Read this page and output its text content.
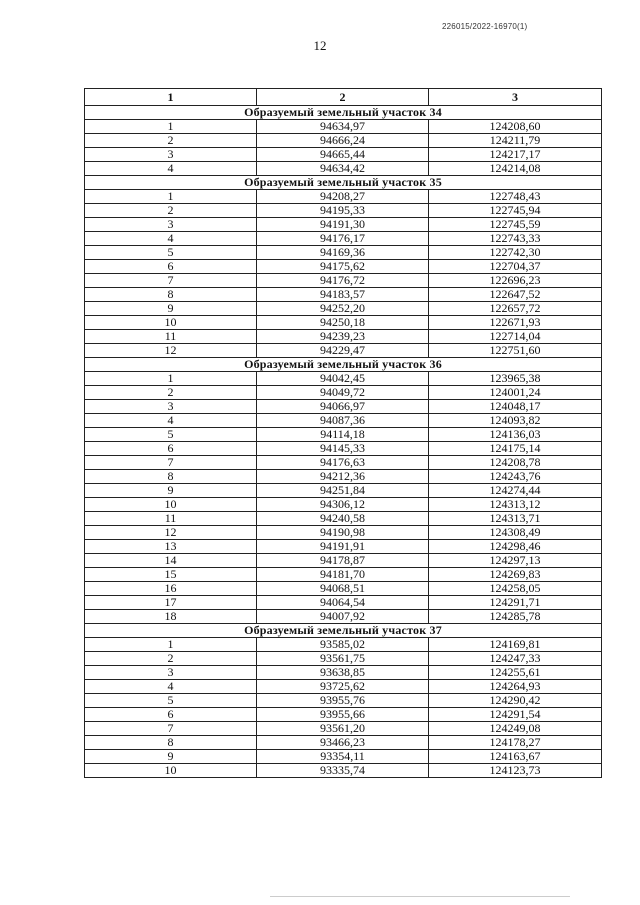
226015/2022-16970(1)
12
1	2	3
Образуемый земельный участок 34		
1	94634,97	124208,60
2	94666,24	124211,79
3	94665,44	124217,17
4	94634,42	124214,08
Образуемый земельный участок 35		
1	94208,27	122748,43
2	94195,33	122745,94
3	94191,30	122745,59
4	94176,17	122743,33
5	94169,36	122742,30
6	94175,62	122704,37
7	94176,72	122696,23
8	94183,57	122647,52
9	94252,20	122657,72
10	94250,18	122671,93
11	94239,23	122714,04
12	94229,47	122751,60
Образуемый земельный участок 36		
1	94042,45	123965,38
2	94049,72	124001,24
3	94066,97	124048,17
4	94087,36	124093,82
5	94114,18	124136,03
6	94145,33	124175,14
7	94176,63	124208,78
8	94212,36	124243,76
9	94251,84	124274,44
10	94306,12	124313,12
11	94240,58	124313,71
12	94190,98	124308,49
13	94191,91	124298,46
14	94178,87	124297,13
15	94181,70	124269,83
16	94068,51	124258,05
17	94064,54	124291,71
18	94007,92	124285,78
Образуемый земельный участок 37		
1	93585,02	124169,81
2	93561,75	124247,33
3	93638,85	124255,61
4	93725,62	124264,93
5	93955,76	124290,42
6	93955,66	124291,54
7	93561,20	124249,08
8	93466,23	124178,27
9	93354,11	124163,67
10	93335,74	124123,73
